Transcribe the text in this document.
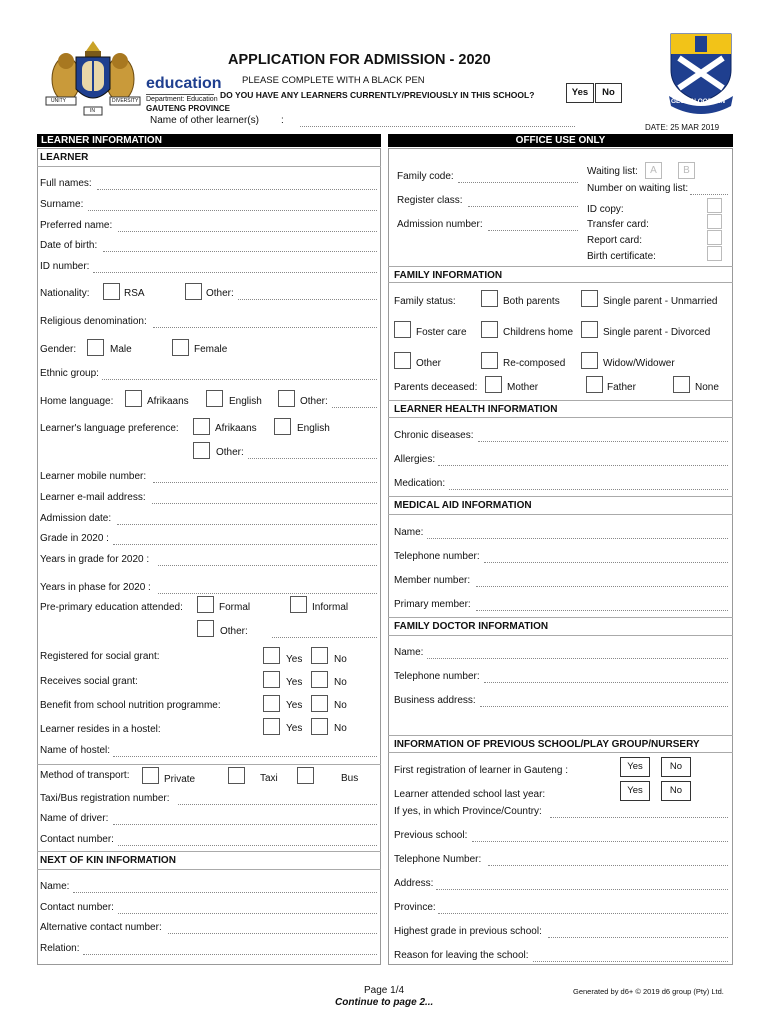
UNITY	DIVERSITY
IN
education
Department: Education
GAUTENG PROVINCE
APPLICATION FOR ADMISSION - 2020
PLEASE COMPLETE WITH A BLACK PEN
DO YOU HAVE ANY LEARNERS CURRENTLY/PREVIOUSLY IN THIS SCHOOL?	Yes	No
Name of other learner(s) :
DATE: 25 MAR 2019
GLO EN OORWIN
LEARNER INFORMATION	OFFICE USE ONLY
LEARNER
Full names:
Surname:
Preferred name:
Date of birth:
ID number:
Nationality:	RSA	Other:
Religious denomination:
Gender:	Male	Female
Ethnic group:
Home language:	Afrikaans	English	Other:
Learner's language preference:	Afrikaans	English
Other:
Learner mobile number:
Learner e-mail address:
Admission date:
Grade in 2020 :
Years in grade for 2020 :
Years in phase for 2020 :
Pre-primary education attended:	Formal	Informal
Other:
Registered for social grant:	Yes	No
Receives social grant:	Yes	No
Benefit from school nutrition programme:	Yes	No
Learner resides in a hostel:	Yes	No
Name of hostel:
Method of transport:	Private	Taxi	Bus
Taxi/Bus registration number:
Name of driver:
Contact number:
NEXT OF KIN INFORMATION
Name:
Contact number:
Alternative contact number:
Relation:
Family code:
Register class:
Admission number:
Waiting list:	A	B
Number on waiting list:
ID copy:
Transfer card:
Report card:
Birth certificate:
FAMILY INFORMATION
Family status:	Both parents	Single parent - Unmarried
Foster care	Childrens home	Single parent - Divorced
Other	Re-composed	Widow/Widower
Parents deceased:	Mother	Father	None
LEARNER HEALTH INFORMATION
Chronic diseases:
Allergies:
Medication:
MEDICAL AID INFORMATION
Name:
Telephone number:
Member number:
Primary member:
FAMILY DOCTOR INFORMATION
Name:
Telephone number:
Business address:
INFORMATION OF PREVIOUS SCHOOL/PLAY GROUP/NURSERY
First registration of learner in Gauteng :	Yes	No
Learner attended school last year:	Yes	No
If yes, in which Province/Country:
Previous school:
Telephone Number:
Address:
Province:
Highest grade in previous school:
Reason for leaving the school:
Page 1/4
Continue to page 2...
Generated by d6+ © 2019 d6 group (Pty) Ltd.
